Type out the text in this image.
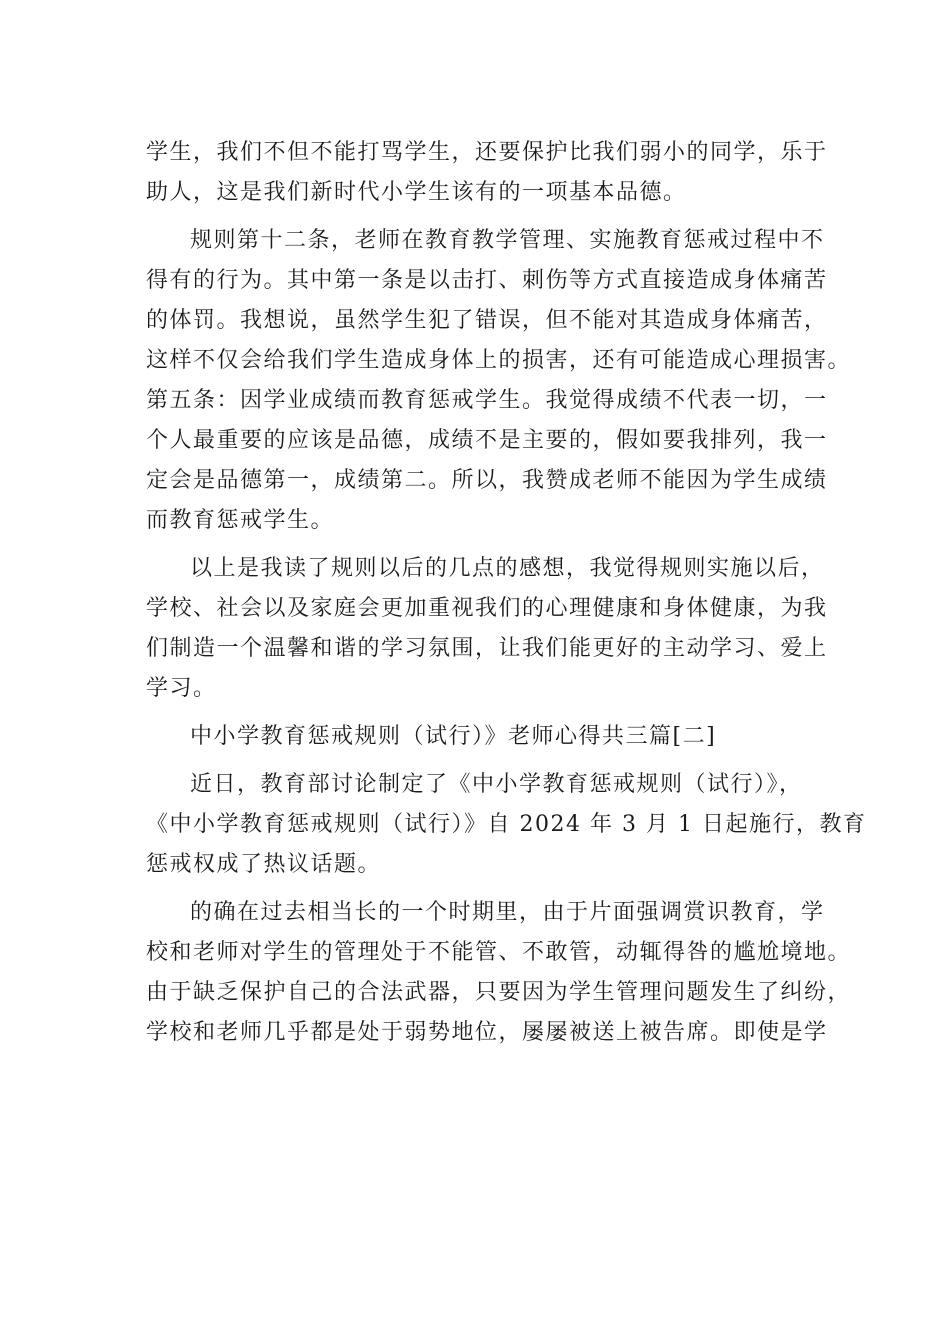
学生，我们不但不能打骂学生，还要保护比我们弱小的同学，乐于
助人，这是我们新时代小学生该有的一项基本品德。
规则第十二条，老师在教育教学管理、实施教育惩戒过程中不
得有的行为。其中第一条是以击打、刺伤等方式直接造成身体痛苦
的体罚。我想说，虽然学生犯了错误，但不能对其造成身体痛苦，
这样不仅会给我们学生造成身体上的损害，还有可能造成心理损害。
第五条：因学业成绩而教育惩戒学生。我觉得成绩不代表一切，一
个人最重要的应该是品德，成绩不是主要的，假如要我排列，我一
定会是品德第一，成绩第二。所以，我赞成老师不能因为学生成绩
而教育惩戒学生。
以上是我读了规则以后的几点的感想，我觉得规则实施以后，
学校、社会以及家庭会更加重视我们的心理健康和身体健康，为我
们制造一个温馨和谐的学习氛围，让我们能更好的主动学习、爱上
学习。
中小学教育惩戒规则（试行）》老师心得共三篇[二]
近日，教育部讨论制定了《中小学教育惩戒规则（试行）》，
《中小学教育惩戒规则（试行）》自 2024 年 3 月 1 日起施行，教育
惩戒权成了热议话题。
的确在过去相当长的一个时期里，由于片面强调赏识教育，学
校和老师对学生的管理处于不能管、不敢管，动辄得咎的尴尬境地。
由于缺乏保护自己的合法武器，只要因为学生管理问题发生了纠纷，
学校和老师几乎都是处于弱势地位，屡屡被送上被告席。即使是学
